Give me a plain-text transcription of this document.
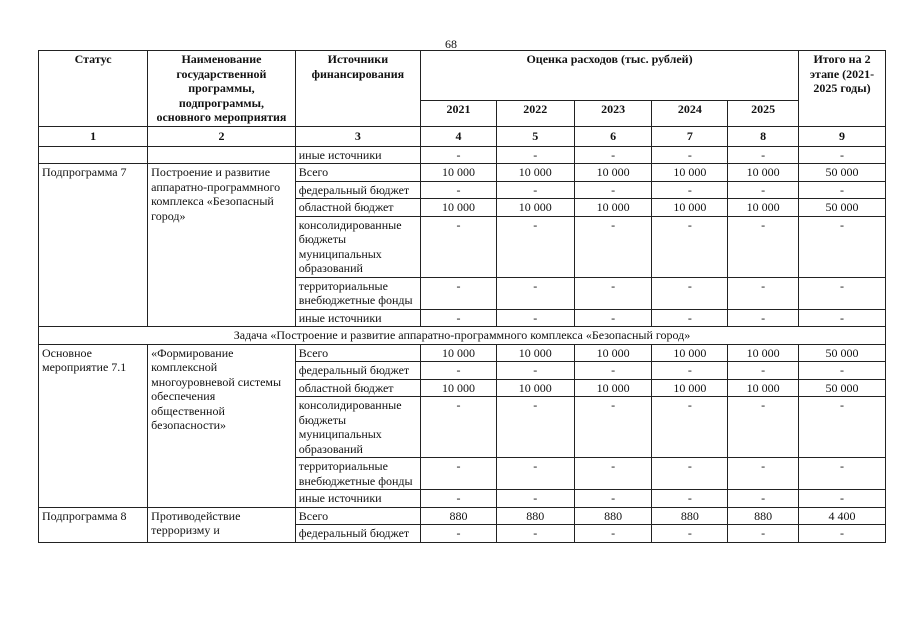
68
Статус	Наименование государственной программы, подпрограммы, основного мероприятия	Источники финансирования	Оценка расходов (тыс. рублей)					Итого на 2 этапе (2021-2025 годы)
			2021	2022	2023	2024	2025	
1	2	3	4	5	6	7	8	9
		иные источники	-	-	-	-	-	-
Подпрограмма 7	Построение и развитие аппаратно-программного комплекса «Безопасный город»	Всего	10 000	10 000	10 000	10 000	10 000	50 000
		федеральный бюджет	-	-	-	-	-	-
		областной бюджет	10 000	10 000	10 000	10 000	10 000	50 000
		консолидированные бюджеты муниципальных образований	-	-	-	-	-	-
		территориальные внебюджетные фонды	-	-	-	-	-	-
		иные источники	-	-	-	-	-	-
Задача «Построение и развитие аппаратно-программного комплекса «Безопасный город»								
Основное мероприятие 7.1	«Формирование комплексной многоуровневой системы обеспечения общественной безопасности»	Всего	10 000	10 000	10 000	10 000	10 000	50 000
		федеральный бюджет	-	-	-	-	-	-
		областной бюджет	10 000	10 000	10 000	10 000	10 000	50 000
		консолидированные бюджеты муниципальных образований	-	-	-	-	-	-
		территориальные внебюджетные фонды	-	-	-	-	-	-
		иные источники	-	-	-	-	-	-
Подпрограмма 8	Противодействие терроризму и	Всего	880	880	880	880	880	4 400
		федеральный бюджет	-	-	-	-	-	-
